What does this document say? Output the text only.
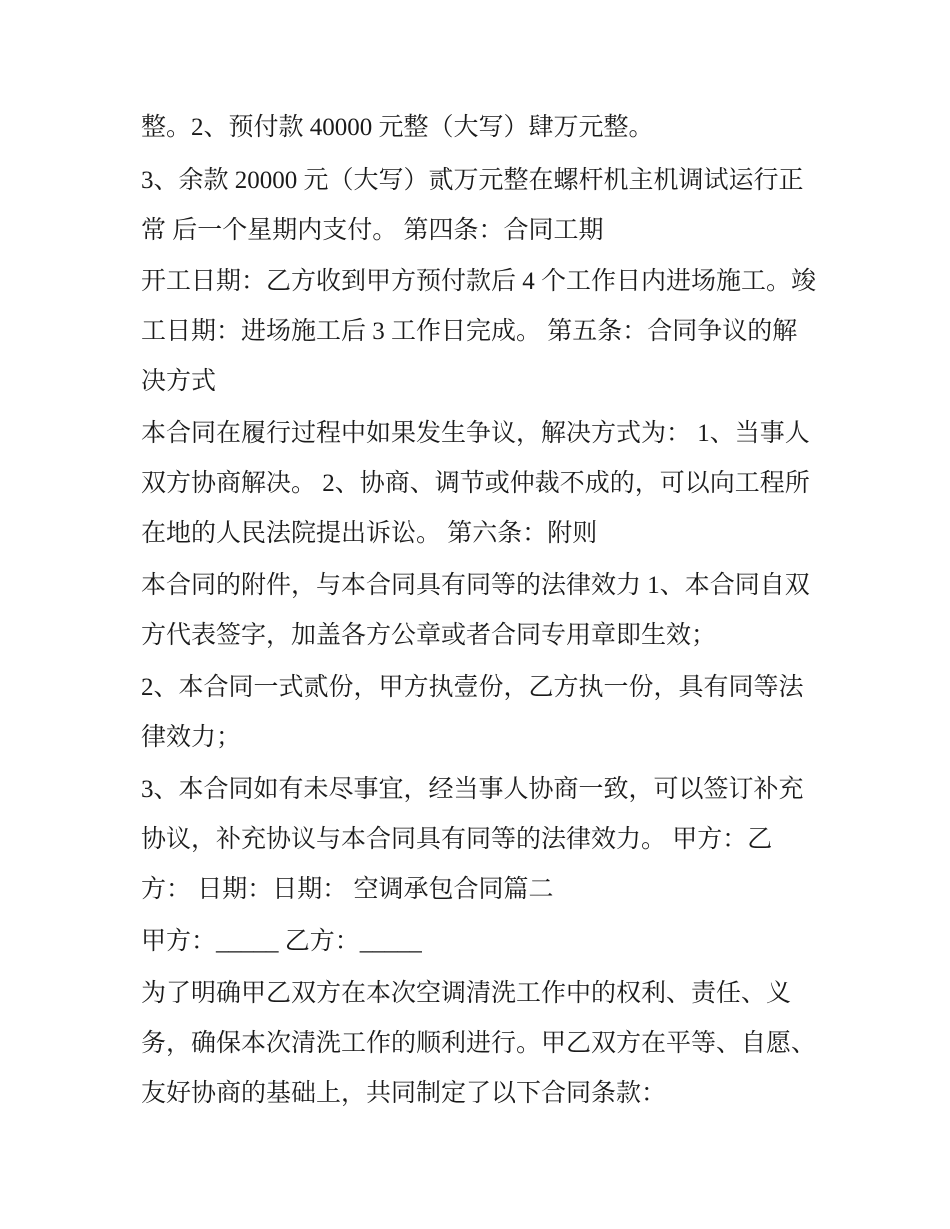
整。2、预付款 40000 元整（大写）肆万元整。
3、余款 20000 元（大写）贰万元整在螺杆机主机调试运行正
常 后一个星期内支付。 第四条：合同工期
开工日期：乙方收到甲方预付款后 4 个工作日内进场施工。竣
工日期：进场施工后 3 工作日完成。 第五条：合同争议的解
决方式
本合同在履行过程中如果发生争议，解决方式为： 1、当事人
双方协商解决。 2、协商、调节或仲裁不成的，可以向工程所
在地的人民法院提出诉讼。 第六条：附则
本合同的附件，与本合同具有同等的法律效力 1、本合同自双
方代表签字，加盖各方公章或者合同专用章即生效；
2、本合同一式贰份，甲方执壹份，乙方执一份，具有同等法
律效力；
3、本合同如有未尽事宜，经当事人协商一致，可以签订补充
协议，补充协议与本合同具有同等的法律效力。 甲方：乙
方： 日期：日期： 空调承包合同篇二
甲方：_____ 乙方：_____
为了明确甲乙双方在本次空调清洗工作中的权利、责任、义
务，确保本次清洗工作的顺利进行。甲乙双方在平等、自愿、
友好协商的基础上，共同制定了以下合同条款：
